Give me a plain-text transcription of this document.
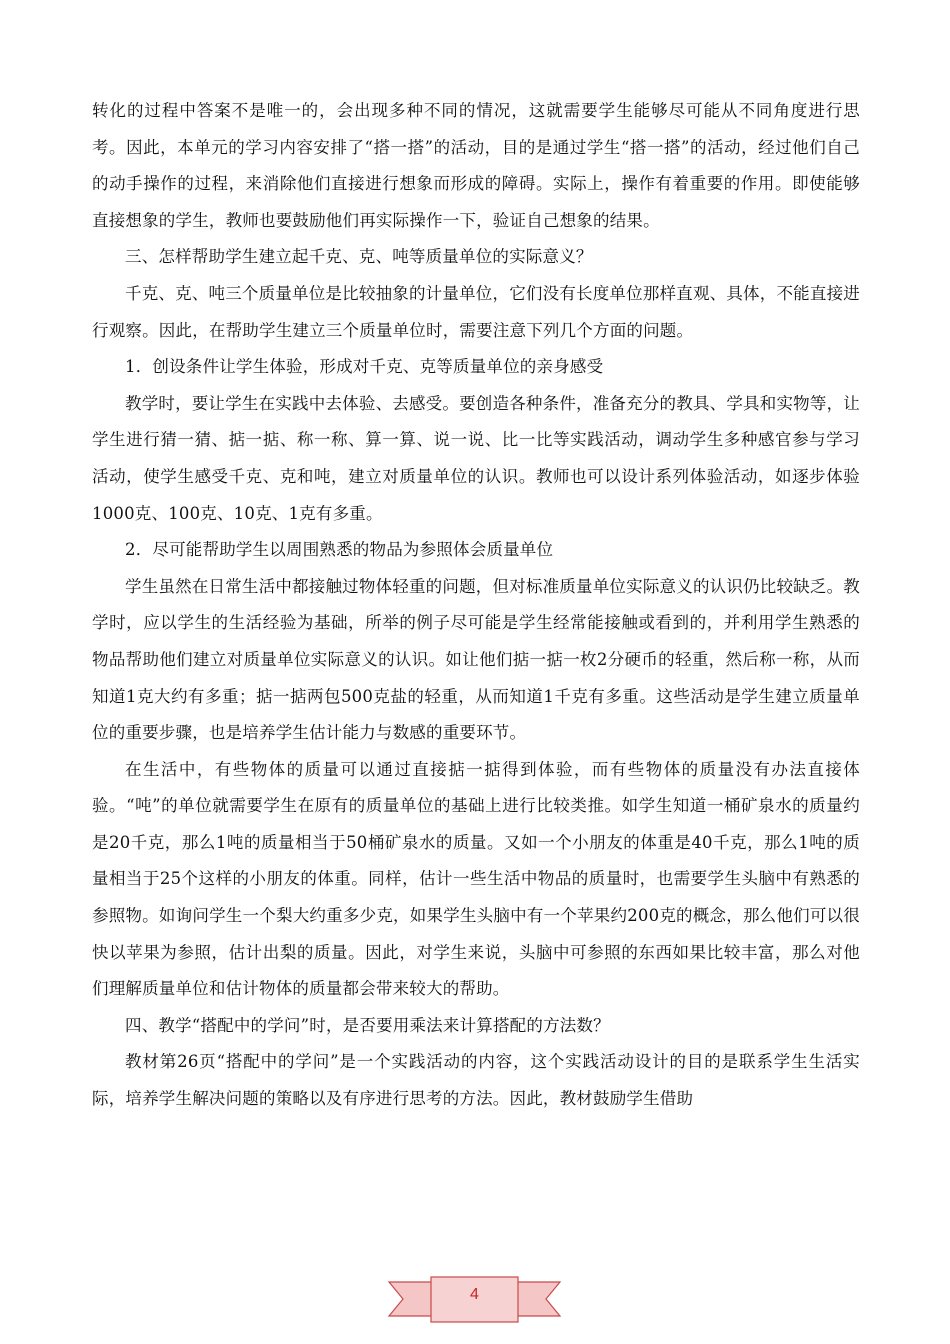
转化的过程中答案不是唯一的，会出现多种不同的情况，这就需要学生能够尽可能从不同角度进行思考。因此，本单元的学习内容安排了“搭一搭”的活动，目的是通过学生“搭一搭”的活动，经过他们自己的动手操作的过程，来消除他们直接进行想象而形成的障碍。实际上，操作有着重要的作用。即使能够直接想象的学生，教师也要鼓励他们再实际操作一下，验证自己想象的结果。

三、怎样帮助学生建立起千克、克、吨等质量单位的实际意义？

千克、克、吨三个质量单位是比较抽象的计量单位，它们没有长度单位那样直观、具体，不能直接进行观察。因此，在帮助学生建立三个质量单位时，需要注意下列几个方面的问题。

1．创设条件让学生体验，形成对千克、克等质量单位的亲身感受

教学时，要让学生在实践中去体验、去感受。要创造各种条件，准备充分的教具、学具和实物等，让学生进行猜一猜、掂一掂、称一称、算一算、说一说、比一比等实践活动，调动学生多种感官参与学习活动，使学生感受千克、克和吨，建立对质量单位的认识。教师也可以设计系列体验活动，如逐步体验1000克、100克、10克、1克有多重。

2．尽可能帮助学生以周围熟悉的物品为参照体会质量单位

学生虽然在日常生活中都接触过物体轻重的问题，但对标准质量单位实际意义的认识仍比较缺乏。教学时，应以学生的生活经验为基础，所举的例子尽可能是学生经常能接触或看到的，并利用学生熟悉的物品帮助他们建立对质量单位实际意义的认识。如让他们掂一掂一枚2分硬币的轻重，然后称一称，从而知道1克大约有多重；掂一掂两包500克盐的轻重，从而知道1千克有多重。这些活动是学生建立质量单位的重要步骤，也是培养学生估计能力与数感的重要环节。

在生活中，有些物体的质量可以通过直接掂一掂得到体验，而有些物体的质量没有办法直接体验。“吨”的单位就需要学生在原有的质量单位的基础上进行比较类推。如学生知道一桶矿泉水的质量约是20千克，那么1吨的质量相当于50桶矿泉水的质量。又如一个小朋友的体重是40千克，那么1吨的质量相当于25个这样的小朋友的体重。同样，估计一些生活中物品的质量时，也需要学生头脑中有熟悉的参照物。如询问学生一个梨大约重多少克，如果学生头脑中有一个苹果约200克的概念，那么他们可以很快以苹果为参照，估计出梨的质量。因此，对学生来说，头脑中可参照的东西如果比较丰富，那么对他们理解质量单位和估计物体的质量都会带来较大的帮助。

四、教学“搭配中的学问”时，是否要用乘法来计算搭配的方法数？

教材第26页“搭配中的学问”是一个实践活动的内容，这个实践活动设计的目的是联系学生生活实际，培养学生解决问题的策略以及有序进行思考的方法。因此，教材鼓励学生借助

4
